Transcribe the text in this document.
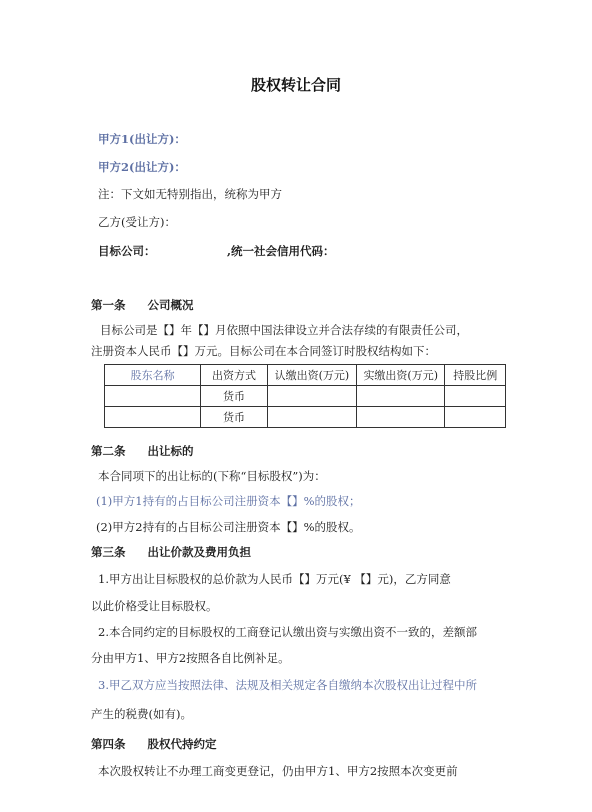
股权转让合同
甲方1(出让方)：
甲方2(出让方)：
注：下文如无特别指出，统称为甲方
乙方(受让方)：
目标公司：	,统一社会信用代码：
第一条 公司概况
目标公司是【】年【】月依照中国法律设立并合法存续的有限责任公司，
注册资本人民币【】万元。目标公司在本合同签订时股权结构如下：
股东名称	出资方式	认缴出资(万元)	实缴出资(万元)	持股比例
	货币			
	货币			
第二条 出让标的
本合同项下的出让标的(下称“目标股权”)为：
(1)甲方1持有的占目标公司注册资本【】%的股权；
(2)甲方2持有的占目标公司注册资本【】%的股权。
第三条 出让价款及费用负担
1.甲方出让目标股权的总价款为人民币【】万元(¥ 【】元)，乙方同意
以此价格受让目标股权。
2.本合同约定的目标股权的工商登记认缴出资与实缴出资不一致的，差额部
分由甲方1、甲方2按照各自比例补足。
3.甲乙双方应当按照法律、法规及相关规定各自缴纳本次股权出让过程中所
产生的税费(如有)。
第四条 股权代持约定
本次股权转让不办理工商变更登记，仍由甲方1、甲方2按照本次变更前
